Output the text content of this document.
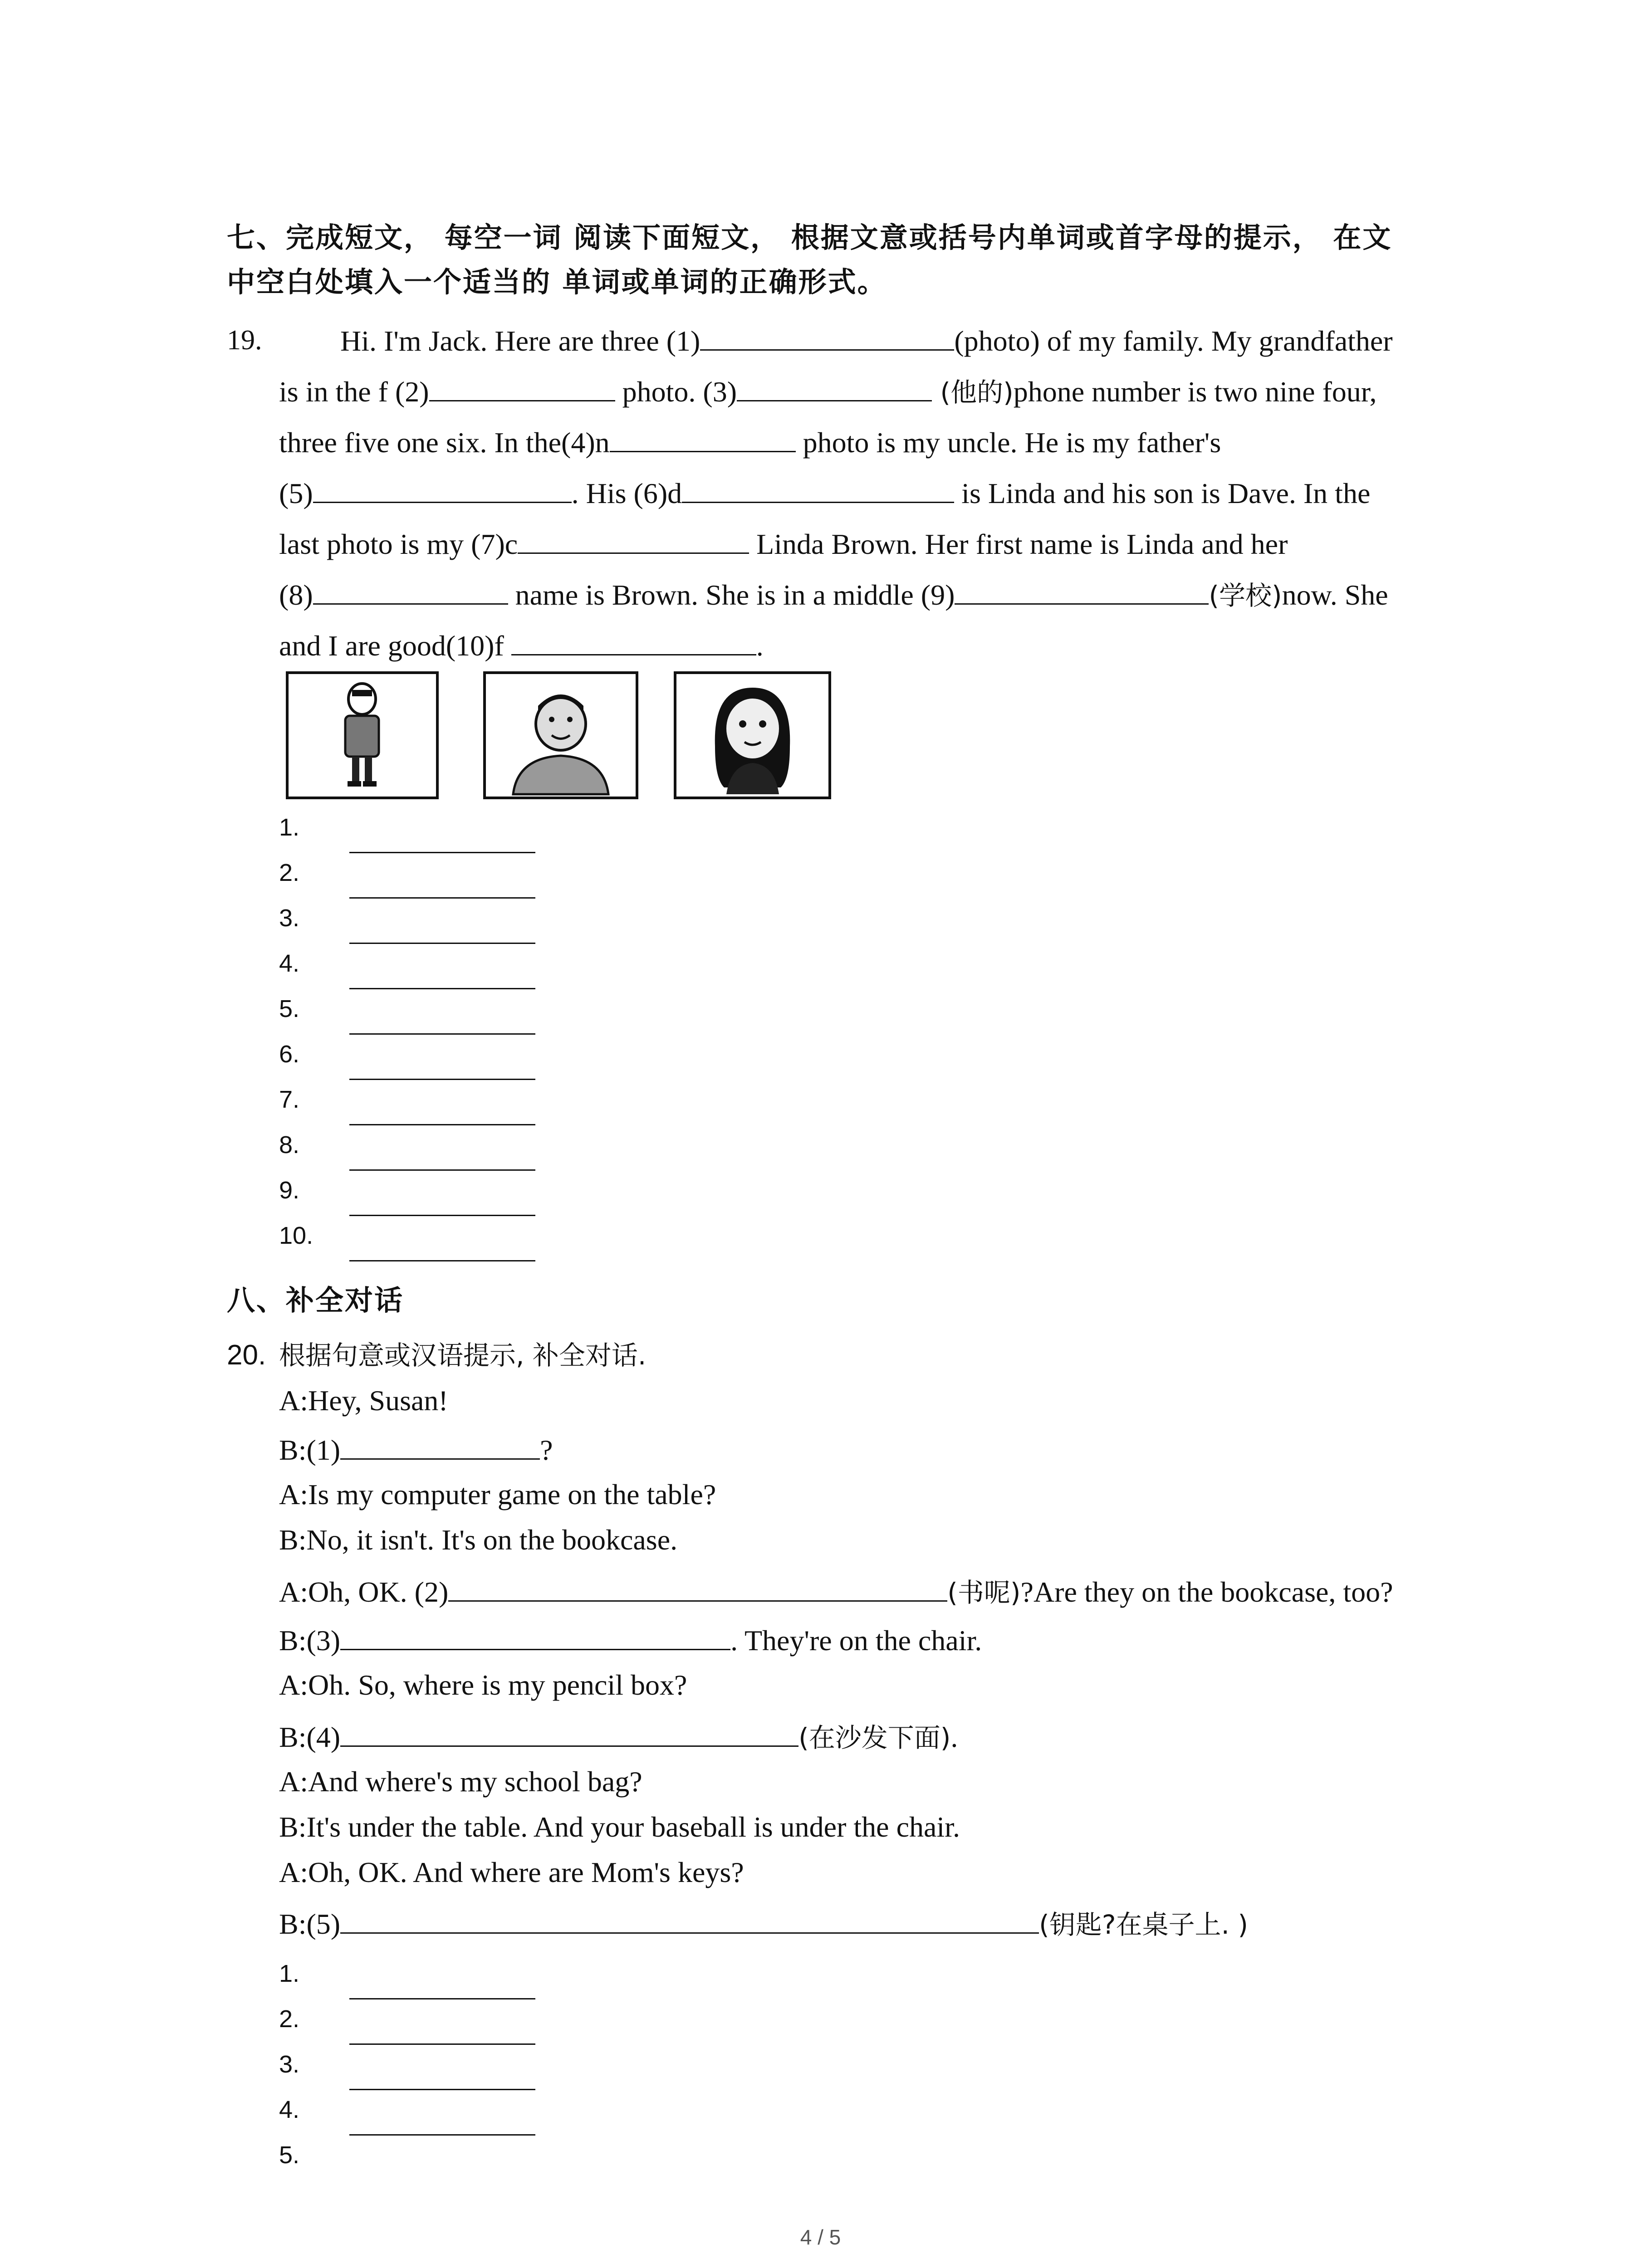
七、完成短文， 每空一词 阅读下面短文， 根据文意或括号内单词或首字母的提示， 在文
中空白处填入一个适当的 单词或单词的正确形式。
19.	Hi. I'm Jack. Here are three (1)	(photo) of my family. My grandfather
is in the f (2)	photo. (3)	(他的)phone number is two nine four,
three five one six. In the(4)n	photo is my uncle. He is my father's
(5)	. His (6)d	is Linda and his son is Dave. In the
last photo is my (7)c	Linda Brown. Her first name is Linda and her
(8)	name is Brown. She is in a middle (9)	(学校)now. She
and I are good(10)f	.
1.
2.
3.
4.
5.
6.
7.
8.
9.
10.
八、补全对话
20. 根据句意或汉语提示, 补全对话.
A:Hey, Susan!
B:(1)	?
A:Is my computer game on the table?
B:No, it isn't. It's on the bookcase.
A:Oh, OK. (2)	(书呢)?Are they on the bookcase, too?
B:(3)	. They're on the chair.
A:Oh. So, where is my pencil box?
B:(4)	(在沙发下面).
A:And where's my school bag?
B:It's under the table. And your baseball is under the chair.
A:Oh, OK. And where are Mom's keys?
B:(5)	(钥匙?在桌子上. )
1.
2.
3.
4.
5.
4 / 5
